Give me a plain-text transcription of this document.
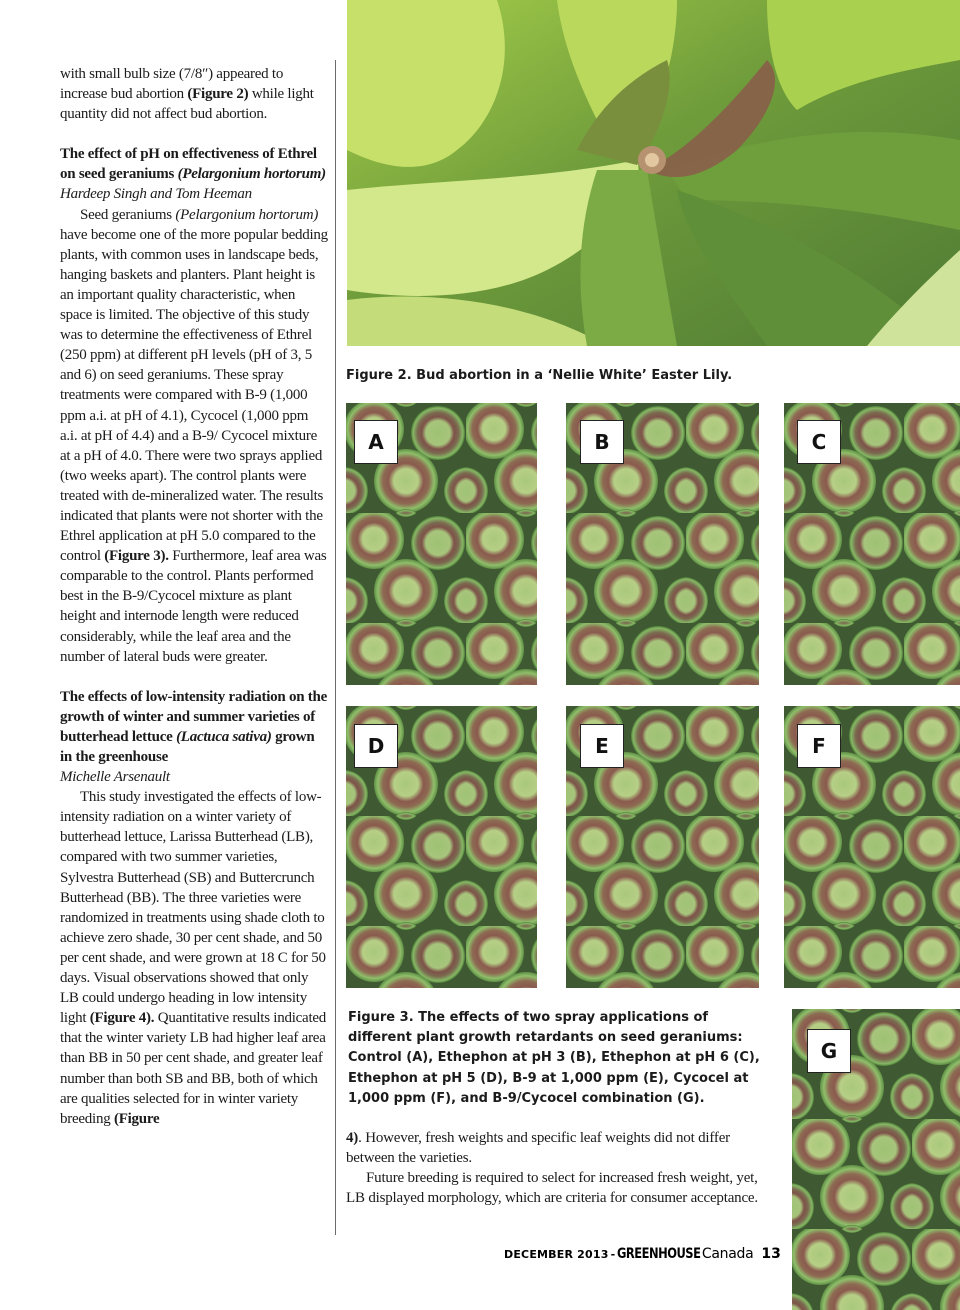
with small bulb size (7/8″) appeared to increase bud abortion (Figure 2) while light quantity did not affect bud abortion.

The effect of pH on effectiveness of Ethrel on seed geraniums (Pelargonium hortorum)

Hardeep Singh and Tom Heeman

Seed geraniums (Pelargonium hortorum) have become one of the more popular bedding plants, with common uses in landscape beds, hanging baskets and planters. Plant height is an important quality characteristic, when space is limited. The objective of this study was to determine the effectiveness of Ethrel (250 ppm) at different pH levels (pH of 3, 5 and 6) on seed geraniums. These spray treatments were compared with B-9 (1,000 ppm a.i. at pH of 4.1), Cycocel (1,000 ppm a.i. at pH of 4.4) and a B-9/ Cycocel mixture at a pH of 4.0. There were two sprays applied (two weeks apart). The control plants were treated with de-mineralized water. The results indicated that plants were not shorter with the Ethrel application at pH 5.0 compared to the control (Figure 3). Furthermore, leaf area was comparable to the control. Plants performed best in the B-9/Cycocel mixture as plant height and internode length were reduced considerably, while the leaf area and the number of lateral buds were greater.

The effects of low-intensity radiation on the growth of winter and summer varieties of butterhead lettuce (Lactuca sativa) grown in the greenhouse

Michelle Arsenault

This study investigated the effects of low-intensity radiation on a winter variety of butterhead lettuce, Larissa Butterhead (LB), compared with two summer varieties, Sylvestra Butterhead (SB) and Buttercrunch Butterhead (BB). The three varieties were randomized in treatments using shade cloth to achieve zero shade, 30 per cent shade, and 50 per cent shade, and were grown at 18 C for 50 days. Visual observations showed that only LB could undergo heading in low intensity light (Figure 4). Quantitative results indicated that the winter variety LB had higher leaf area than BB in 50 per cent shade, and greater leaf number than both SB and BB, both of which are qualities selected for in winter variety breeding (Figure

Figure 2. Bud abortion in a ‘Nellie White’ Easter Lily.
A	B	C
D	E	F
G
Figure 3. The effects of two spray applications of different plant growth retardants on seed geraniums: Control (A), Ethephon at pH 3 (B), Ethephon at pH 6 (C), Ethephon at pH 5 (D), B-9 at 1,000 ppm (E), Cycocel at 1,000 ppm (F), and B-9/Cycocel combination (G).

4). However, fresh weights and specific leaf weights did not differ between the varieties.

Future breeding is required to select for increased fresh weight, yet, LB displayed morphology, which are criteria for consumer acceptance.

DECEMBER 2013 - GREENHOUSE Canada 13
